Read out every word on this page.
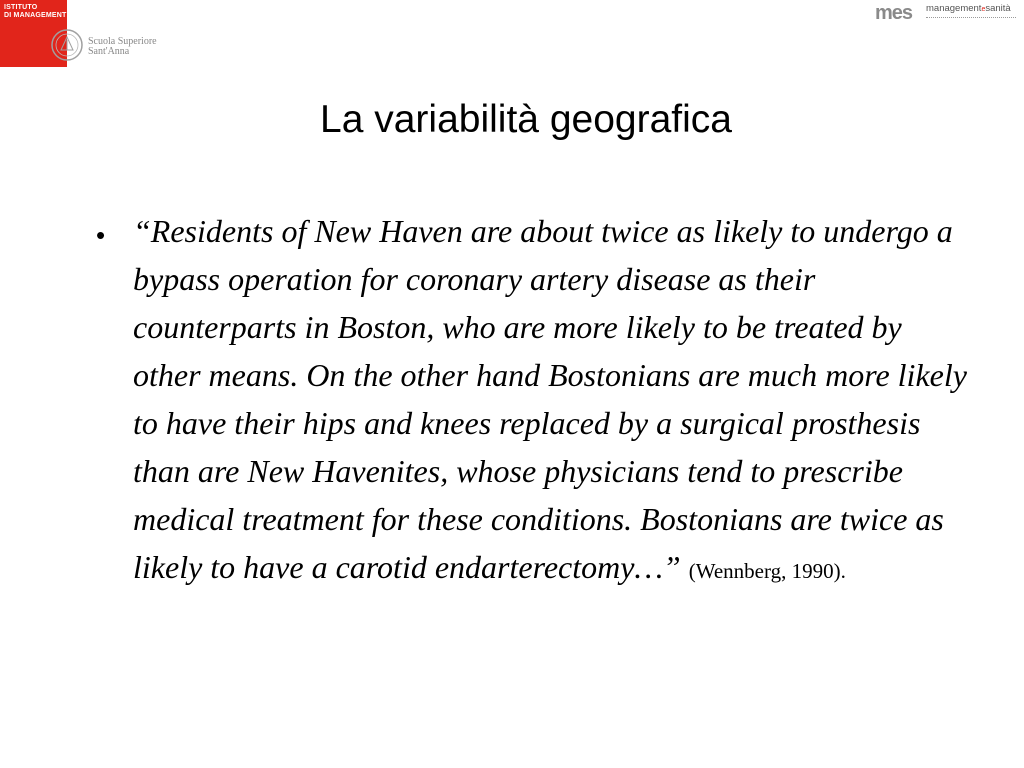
ISTITUTO
DI MANAGEMENT
Scuola Superiore
Sant'Anna
mes managementesanità
La variabilità geografica
• “Residents of New Haven are about twice as likely to undergo a bypass operation for coronary artery disease as their counterparts in Boston, who are more likely to be treated by other means. On the other hand Bostonians are much more likely to have their hips and knees replaced by a surgical prosthesis than are New Havenites, whose physicians tend to prescribe medical treatment for these conditions. Bostonians are twice as likely to have a carotid endarterectomy…” (Wennberg, 1990).
